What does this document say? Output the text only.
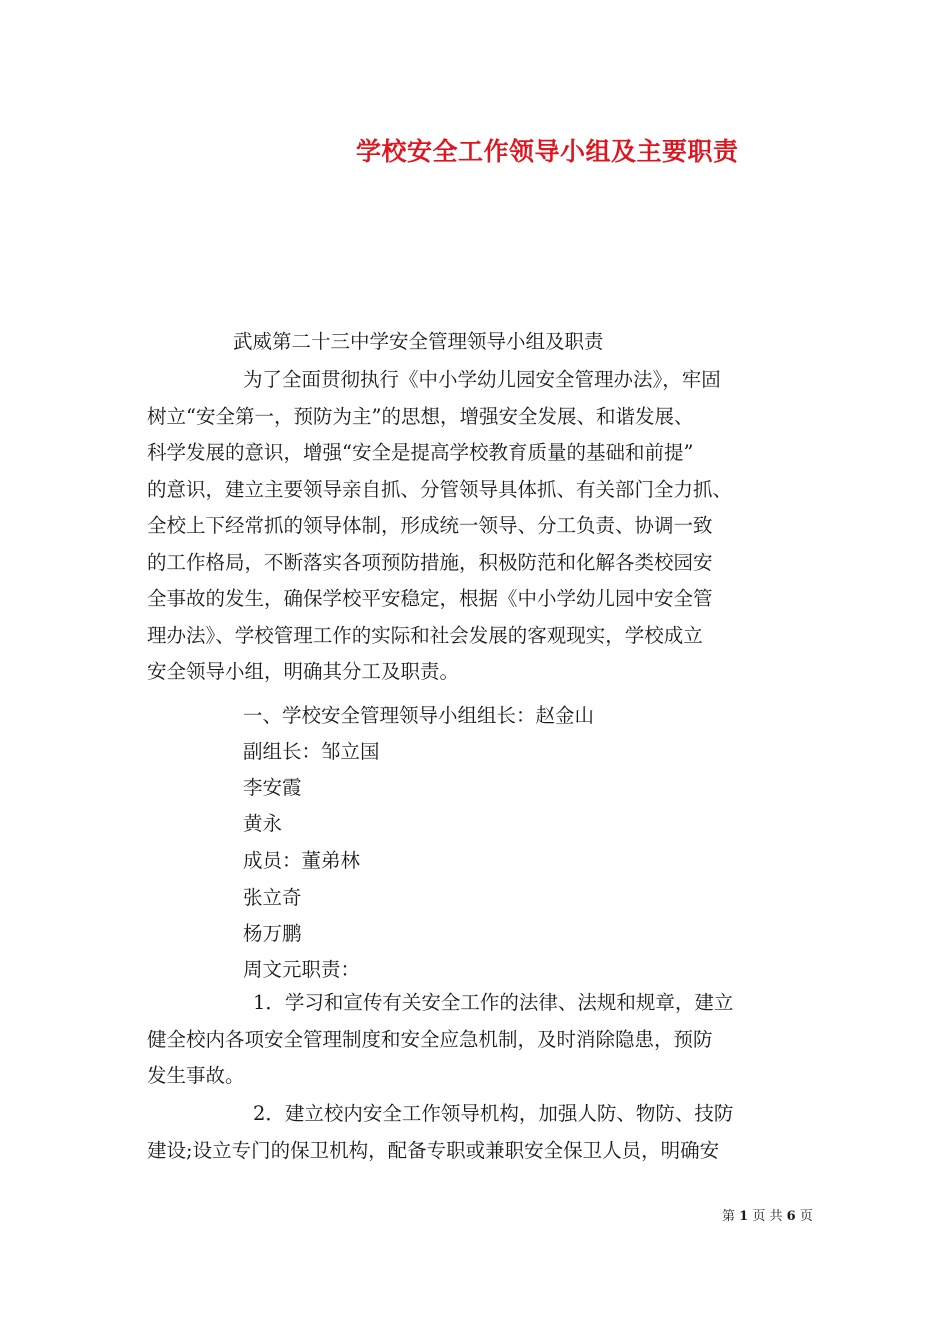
学校安全工作领导小组及主要职责
武威第二十三中学安全管理领导小组及职责
为了全面贯彻执行《中小学幼儿园安全管理办法》，牢固
树立“安全第一，预防为主”的思想，增强安全发展、和谐发展、
科学发展的意识，增强“安全是提高学校教育质量的基础和前提”
的意识，建立主要领导亲自抓、分管领导具体抓、有关部门全力抓、
全校上下经常抓的领导体制，形成统一领导、分工负责、协调一致
的工作格局，不断落实各项预防措施，积极防范和化解各类校园安
全事故的发生，确保学校平安稳定，根据《中小学幼儿园中安全管
理办法》、学校管理工作的实际和社会发展的客观现实，学校成立
安全领导小组，明确其分工及职责。
一、学校安全管理领导小组组长：赵金山
副组长：邹立国
李安霞
黄永
成员：董弟林
张立奇
杨万鹏
周文元职责：
1．学习和宣传有关安全工作的法律、法规和规章，建立
健全校内各项安全管理制度和安全应急机制，及时消除隐患，预防
发生事故。
2．建立校内安全工作领导机构，加强人防、物防、技防
建设;设立专门的保卫机构，配备专职或兼职安全保卫人员，明确安
第 1 页 共 6 页
